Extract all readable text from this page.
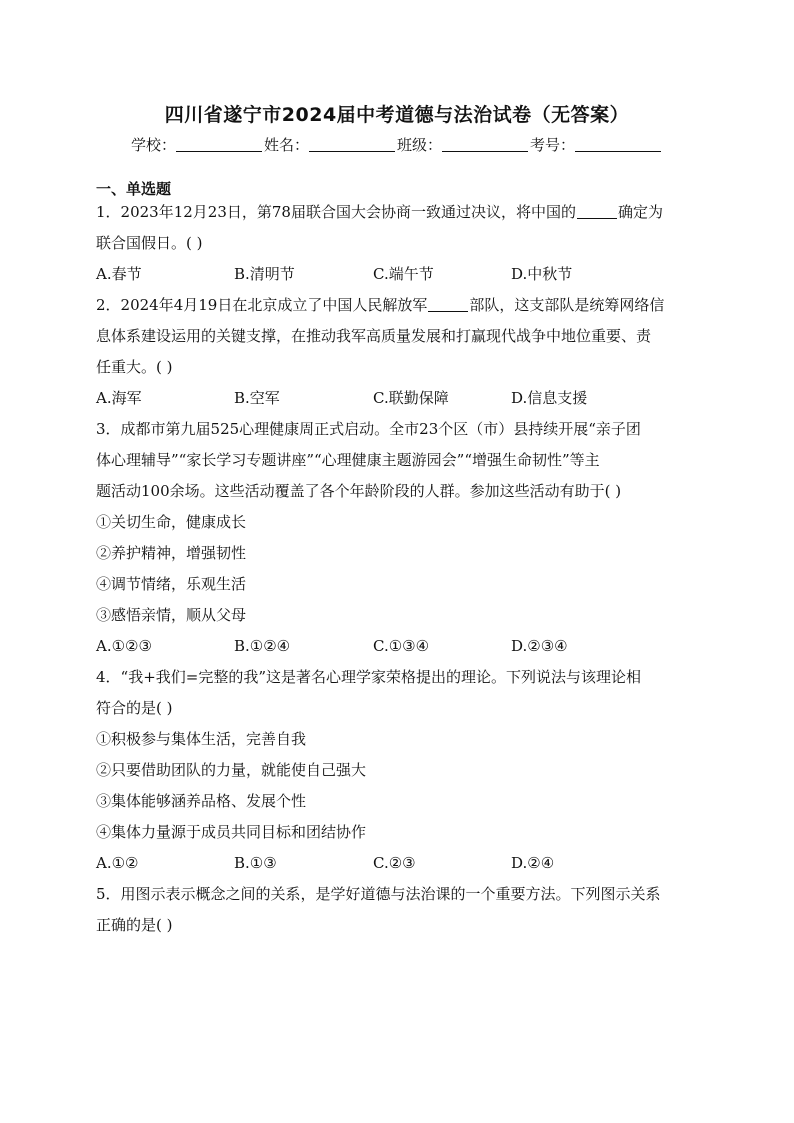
四川省遂宁市2024届中考道德与法治试卷（无答案）
学校：	姓名：	班级：	考号：
一、单选题
1．2023年12月23日，第78届联合国大会协商一致通过决议，将中国的	确定为
联合国假日。( )
A.春节	B.清明节	C.端午节	D.中秋节
2．2024年4月19日在北京成立了中国人民解放军	部队，这支部队是统筹网络信
息体系建设运用的关键支撑，在推动我军高质量发展和打赢现代战争中地位重要、责
任重大。( )
A.海军	B.空军	C.联勤保障	D.信息支援
3．成都市第九届525心理健康周正式启动。全市23个区（市）县持续开展“亲子团
体心理辅导”“家长学习专题讲座”“心理健康主题游园会”“增强生命韧性”等主
题活动100余场。这些活动覆盖了各个年龄阶段的人群。参加这些活动有助于( )
①关切生命，健康成长
②养护精神，增强韧性
④调节情绪，乐观生活
③感悟亲情，顺从父母
A.①②③	B.①②④	C.①③④	D.②③④
4．“我+我们=完整的我”这是著名心理学家荣格提出的理论。下列说法与该理论相
符合的是( )
①积极参与集体生活，完善自我
②只要借助团队的力量，就能使自己强大
③集体能够涵养品格、发展个性
④集体力量源于成员共同目标和团结协作
A.①②	B.①③	C.②③	D.②④
5．用图示表示概念之间的关系，是学好道德与法治课的一个重要方法。下列图示关系
正确的是( )
